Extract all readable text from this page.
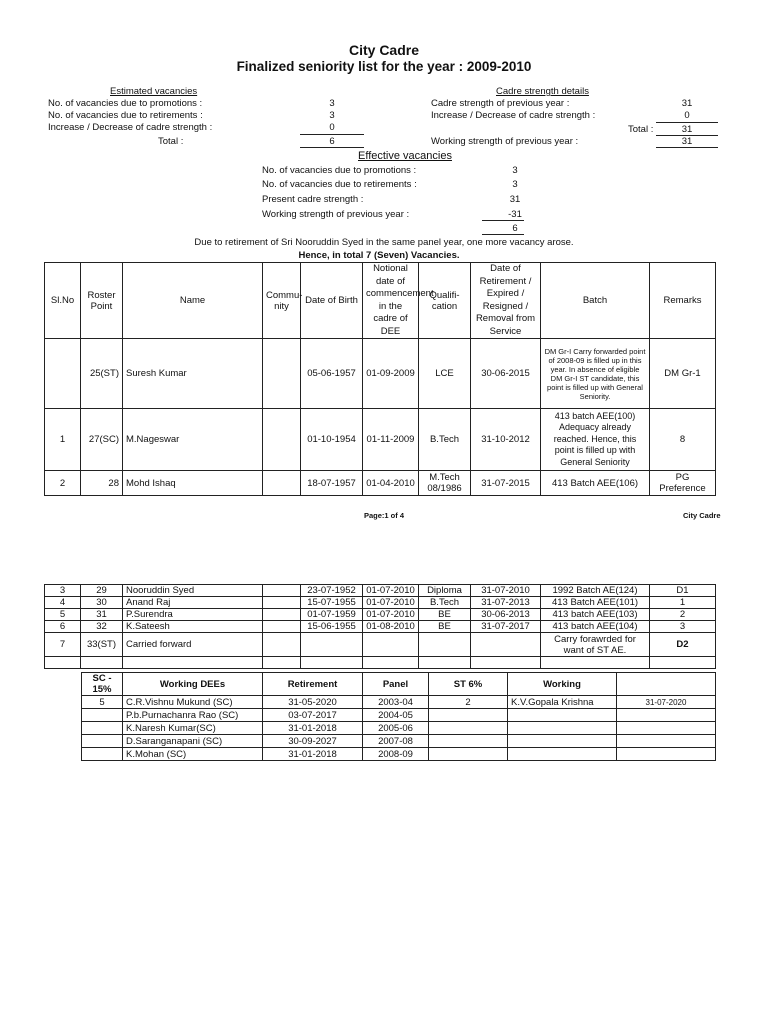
City Cadre
Finalized seniority list for the year : 2009-2010
Estimated vacancies
No. of vacancies due to promotions :	3
No. of vacancies due to retirements :	3
Increase / Decrease of cadre strength :	0
Total :	6
Cadre strength details
Cadre strength of previous year :	31
Increase / Decrease of cadre strength :	0
Total :	31
Working strength of previous year :	31
Effective vacancies
No. of vacancies due to promotions :	3
No. of vacancies due to retirements :	3
Present cadre strength :	31
Working strength of previous year :	-31
6
Due to retirement of Sri Nooruddin Syed in the same panel year, one more vacancy arose.
Hence, in total 7 (Seven) Vacancies.
Sl.No	Roster Point	Name	Commu-nity	Date of Birth	Notional date of commencement in the cadre of DEE	Qualifi-cation	Date of Retirement / Expired / Resigned / Removal from Service	Batch	Remarks
	25(ST)	Suresh Kumar		05-06-1957	01-09-2009	LCE	30-06-2015	DM Gr-I Carry forwarded point of 2008-09 is filled up in this year. In absence of eligible DM Gr-I ST candidate, this point is filled up with General Seniority.	DM Gr-1
1	27(SC)	M.Nageswar		01-10-1954	01-11-2009	B.Tech	31-10-2012	413 batch AEE(100) Adequacy already reached. Hence, this point is filled up with General Seniority	8
2	28	Mohd Ishaq		18-07-1957	01-04-2010	M.Tech 08/1986	31-07-2015	413 Batch AEE(106)	PG Preference
Page:1 of 4	City Cadre
3	29	Nooruddin Syed		23-07-1952	01-07-2010	Diploma	31-07-2010	1992 Batch AE(124)	D1
4	30	Anand Raj		15-07-1955	01-07-2010	B.Tech	31-07-2013	413 Batch AEE(101)	1
5	31	P.Surendra		01-07-1959	01-07-2010	BE	30-06-2013	413 batch AEE(103)	2
6	32	K.Sateesh		15-06-1955	01-08-2010	BE	31-07-2017	413 batch AEE(104)	3
7	33(ST)	Carried forward						Carry forawrded for want of ST AE.	D2

SC - 15%	Working DEEs	Retirement	Panel	ST 6%	Working	
5	C.R.Vishnu Mukund (SC)	31-05-2020	2003-04	2	K.V.Gopala Krishna	31-07-2020
	P.b.Purnachanra Rao (SC)	03-07-2017	2004-05			
	K.Naresh Kumar(SC)	31-01-2018	2005-06			
	D.Saranganapani (SC)	30-09-2027	2007-08			
	K.Mohan (SC)	31-01-2018	2008-09			
